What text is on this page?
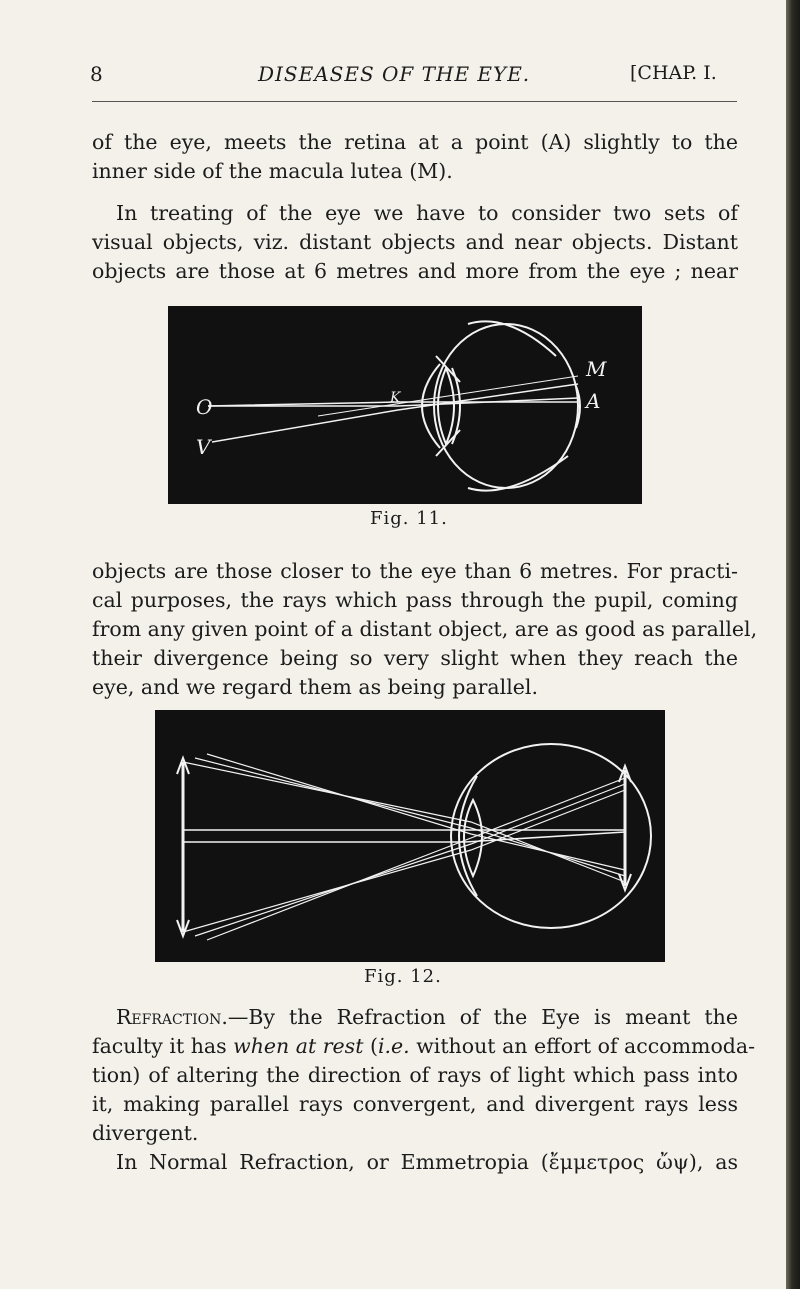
8	DISEASES OF THE EYE.	[CHAP. I.
of the eye, meets the retina at a point (A) slightly to the
inner side of the macula lutea (M).
In treating of the eye we have to consider two sets of
visual objects, viz. distant objects and near objects. Distant
objects are those at 6 metres and more from the eye ; near
O
V
K
M
A
Fig. 11.
objects are those closer to the eye than 6 metres. For practi-
cal purposes, the rays which pass through the pupil, coming
from any given point of a distant object, are as good as parallel,
their divergence being so very slight when they reach the
eye, and we regard them as being parallel.
Fig. 12.
Refraction.—By the Refraction of the Eye is meant the
faculty it has when at rest (i.e. without an effort of accommoda-
tion) of altering the direction of rays of light which pass into
it, making parallel rays convergent, and divergent rays less
divergent.
In Normal Refraction, or Emmetropia (ἔμμετρος ὤψ), as
